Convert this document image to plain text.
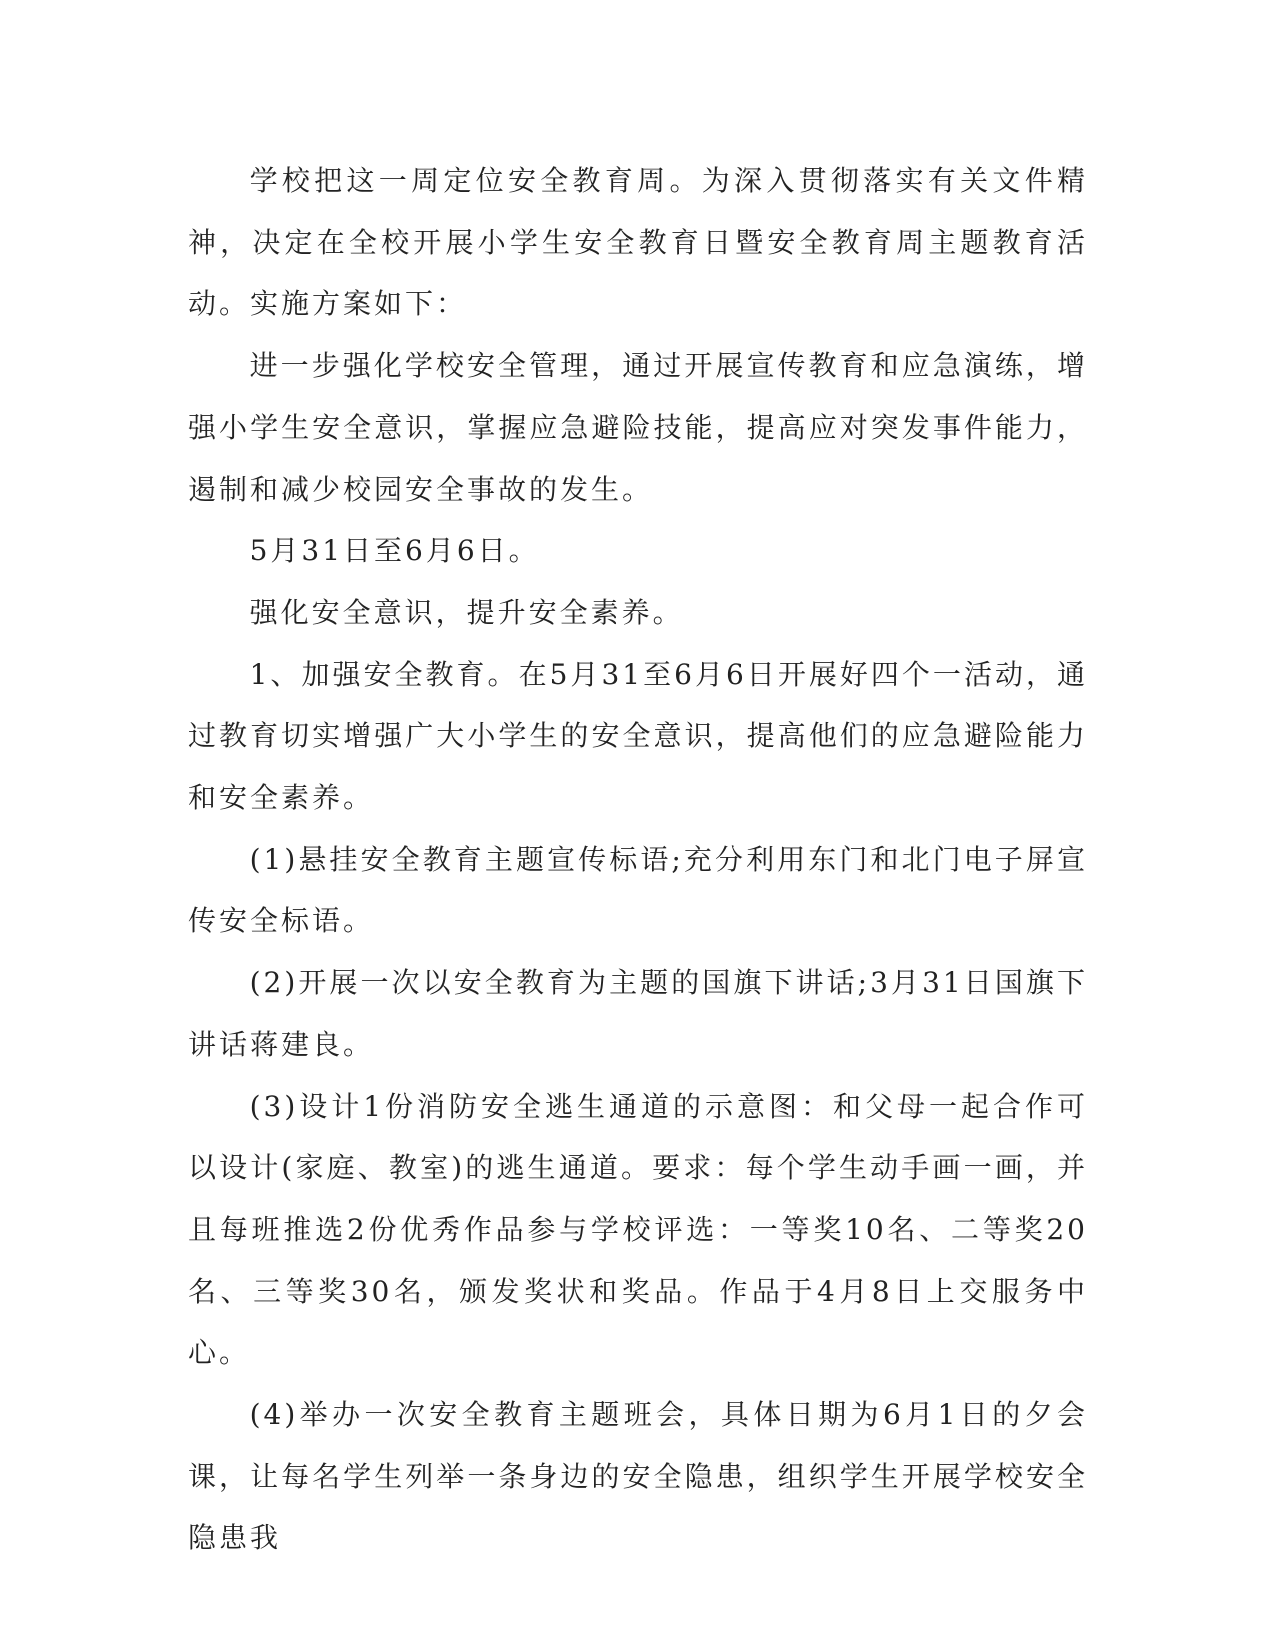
学校把这一周定位安全教育周。为深入贯彻落实有关文件精神，决定在全校开展小学生安全教育日暨安全教育周主题教育活动。实施方案如下：

进一步强化学校安全管理，通过开展宣传教育和应急演练，增强小学生安全意识，掌握应急避险技能，提高应对突发事件能力，遏制和减少校园安全事故的发生。

5月31日至6月6日。

强化安全意识，提升安全素养。

1、加强安全教育。在5月31至6月6日开展好四个一活动，通过教育切实增强广大小学生的安全意识，提高他们的应急避险能力和安全素养。

(1)悬挂安全教育主题宣传标语;充分利用东门和北门电子屏宣传安全标语。

(2)开展一次以安全教育为主题的国旗下讲话;3月31日国旗下讲话蒋建良。

(3)设计1份消防安全逃生通道的示意图：和父母一起合作可以设计(家庭、教室)的逃生通道。要求：每个学生动手画一画，并且每班推选2份优秀作品参与学校评选：一等奖10名、二等奖20名、三等奖30名，颁发奖状和奖品。作品于4月8日上交服务中心。

(4)举办一次安全教育主题班会，具体日期为6月1日的夕会课，让每名学生列举一条身边的安全隐患，组织学生开展学校安全隐患我
